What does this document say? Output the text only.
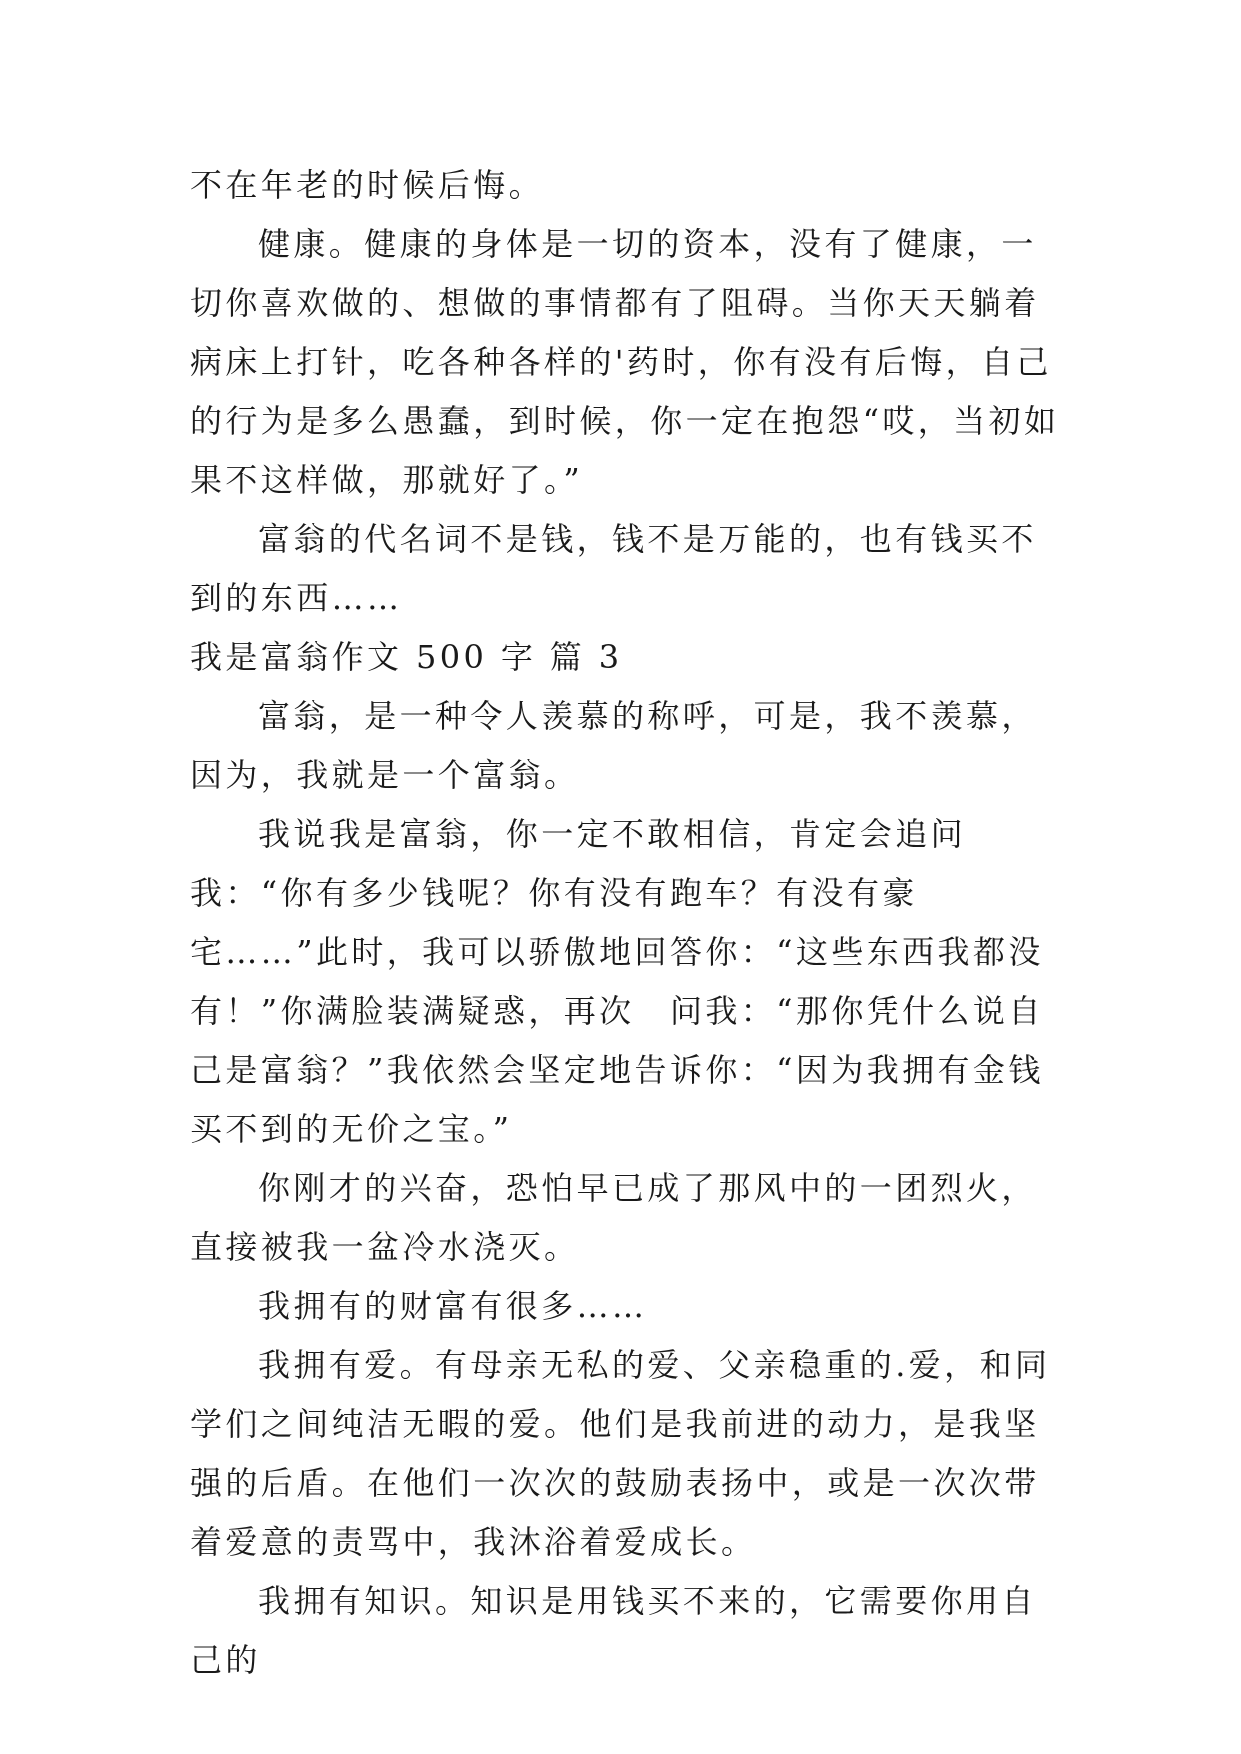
不在年老的时候后悔。

健康。健康的身体是一切的资本，没有了健康，一切你喜欢做的、想做的事情都有了阻碍。当你天天躺着病床上打针，吃各种各样的'药时，你有没有后悔，自己的行为是多么愚蠢，到时候，你一定在抱怨“哎，当初如果不这样做，那就好了。”

富翁的代名词不是钱，钱不是万能的，也有钱买不到的东西……

我是富翁作文 500 字 篇 3

富翁，是一种令人羡慕的称呼，可是，我不羡慕，因为，我就是一个富翁。

我说我是富翁，你一定不敢相信，肯定会追问我：“你有多少钱呢？你有没有跑车？有没有豪宅……”此时，我可以骄傲地回答你：“这些东西我都没有！”你满脸装满疑惑，再次　问我：“那你凭什么说自己是富翁？”我依然会坚定地告诉你：“因为我拥有金钱买不到的无价之宝。”

你刚才的兴奋，恐怕早已成了那风中的一团烈火，直接被我一盆冷水浇灭。

我拥有的财富有很多……

我拥有爱。有母亲无私的爱、父亲稳重的.爱，和同学们之间纯洁无暇的爱。他们是我前进的动力，是我坚强的后盾。在他们一次次的鼓励表扬中，或是一次次带着爱意的责骂中，我沐浴着爱成长。

我拥有知识。知识是用钱买不来的，它需要你用自己的
